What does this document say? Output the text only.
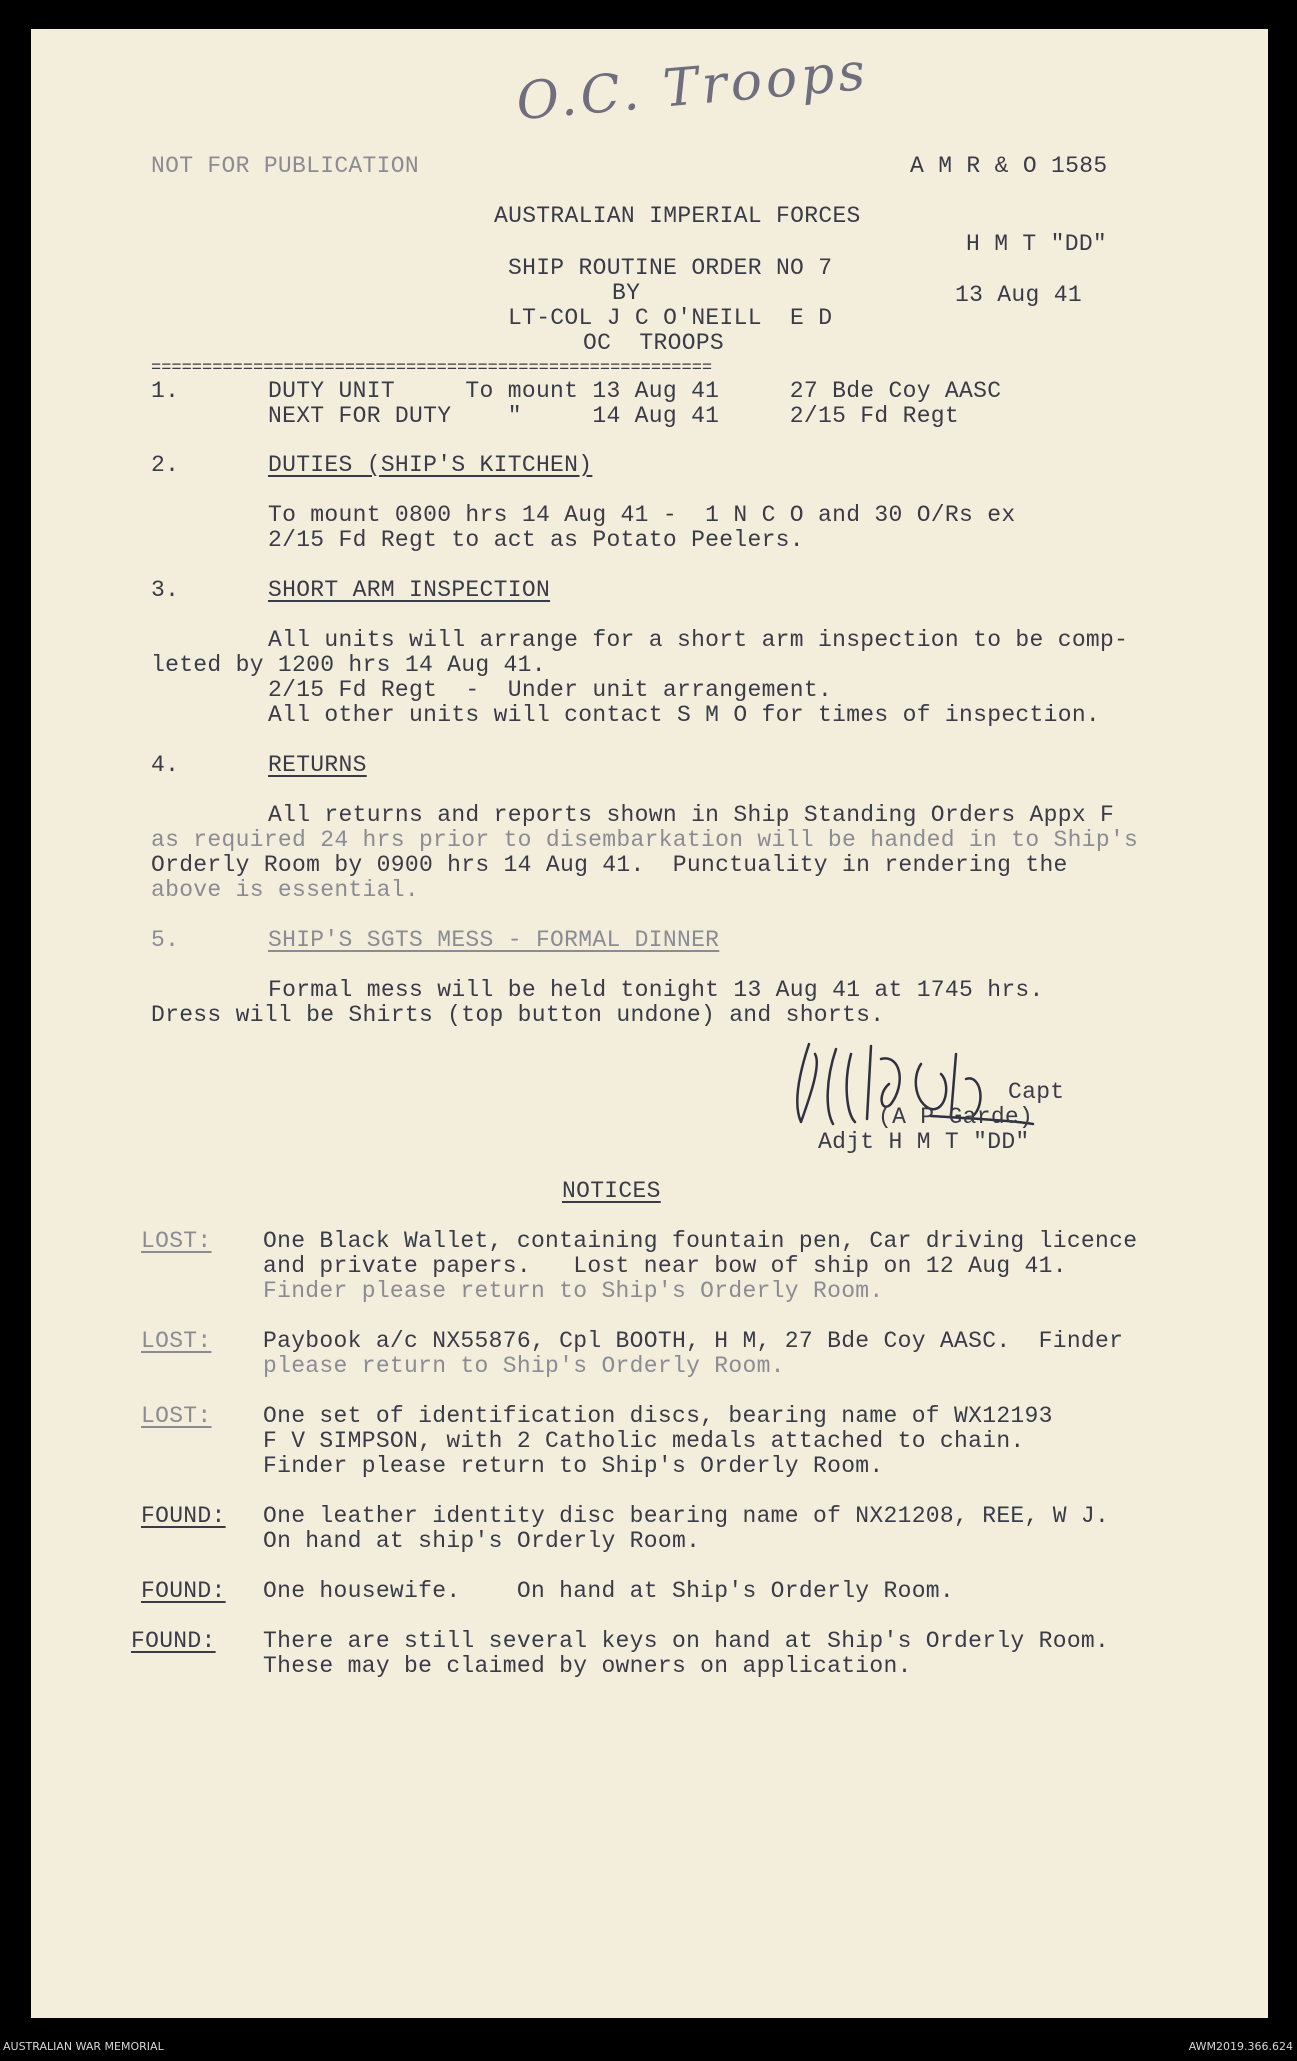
O.C. Troops
NOT FOR PUBLICATION	A M R & O 1585
AUSTRALIAN IMPERIAL FORCES
H M T "DD"
SHIP ROUTINE ORDER NO 7
BY	13 Aug 41
LT-COL J C O'NEILL  E D
OC  TROOPS
=======================================================
1.	DUTY UNIT     To mount 13 Aug 41     27 Bde Coy AASC
NEXT FOR DUTY    "     14 Aug 41     2/15 Fd Regt
2.	DUTIES (SHIP'S KITCHEN)
To mount 0800 hrs 14 Aug 41 -  1 N C O and 30 O/Rs ex
2/15 Fd Regt to act as Potato Peelers.
3.	SHORT ARM INSPECTION
All units will arrange for a short arm inspection to be comp-
leted by 1200 hrs 14 Aug 41.
2/15 Fd Regt  -  Under unit arrangement.
All other units will contact S M O for times of inspection.
4.	RETURNS
All returns and reports shown in Ship Standing Orders Appx F
as required 24 hrs prior to disembarkation will be handed in to Ship's
Orderly Room by 0900 hrs 14 Aug 41.  Punctuality in rendering the
above is essential.
5.	SHIP'S SGTS MESS - FORMAL DINNER
Formal mess will be held tonight 13 Aug 41 at 1745 hrs.
Dress will be Shirts (top button undone) and shorts.
Capt
(A P Garde)
Adjt H M T "DD"
NOTICES
LOST: One Black Wallet, containing fountain pen, Car driving licence
and private papers.   Lost near bow of ship on 12 Aug 41.
Finder please return to Ship's Orderly Room.
LOST: Paybook a/c NX55876, Cpl BOOTH, H M, 27 Bde Coy AASC.  Finder
please return to Ship's Orderly Room.
LOST: One set of identification discs, bearing name of WX12193
F V SIMPSON, with 2 Catholic medals attached to chain.
Finder please return to Ship's Orderly Room.
FOUND: One leather identity disc bearing name of NX21208, REE, W J.
On hand at ship's Orderly Room.
FOUND: One housewife.    On hand at Ship's Orderly Room.
FOUND: There are still several keys on hand at Ship's Orderly Room.
These may be claimed by owners on application.
AUSTRALIAN WAR MEMORIAL	AWM2019.366.624
